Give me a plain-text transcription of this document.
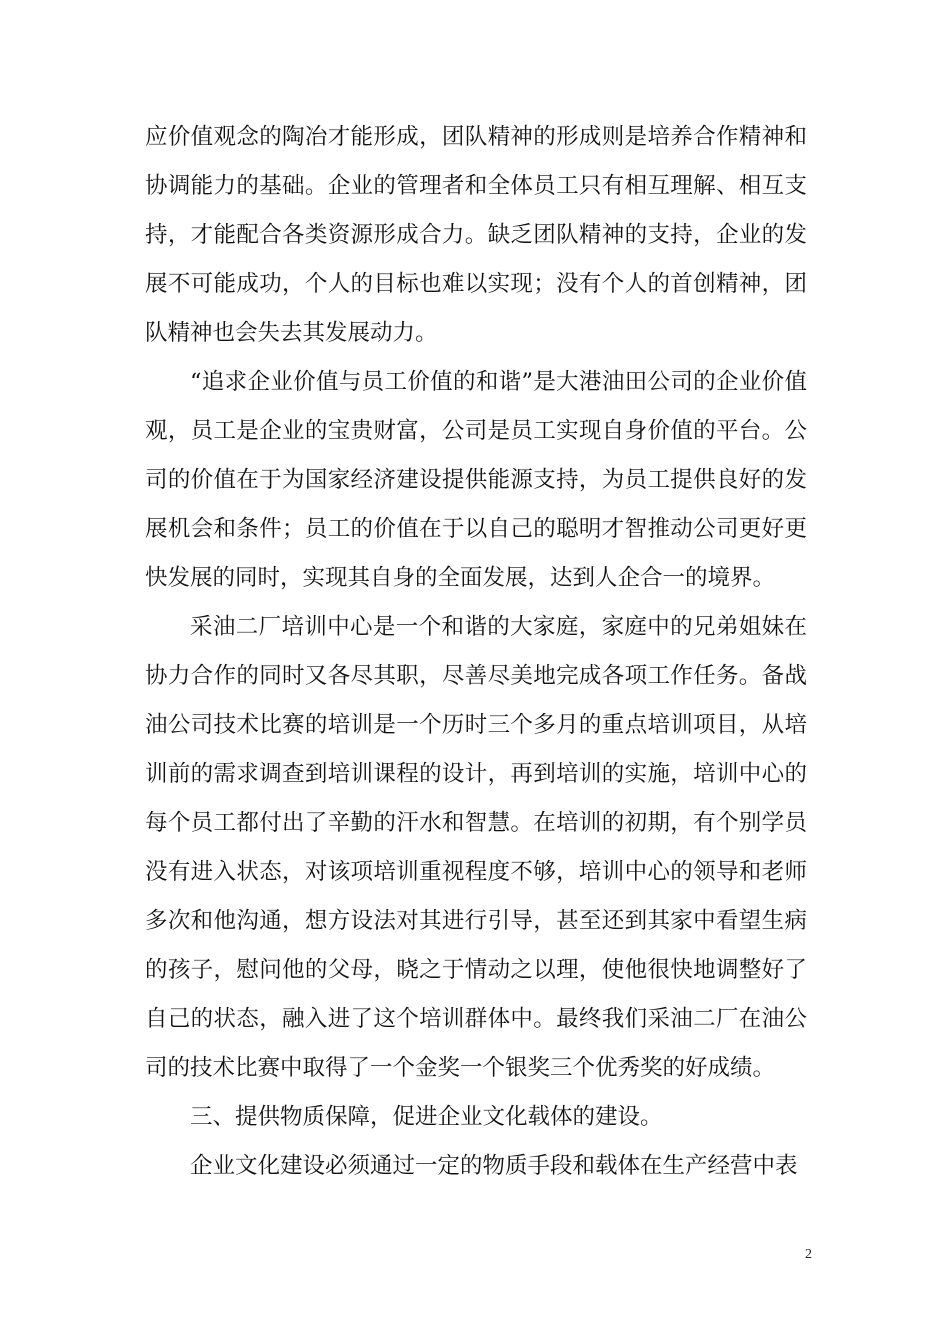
应价值观念的陶冶才能形成，团队精神的形成则是培养合作精神和协调能力的基础。企业的管理者和全体员工只有相互理解、相互支持，才能配合各类资源形成合力。缺乏团队精神的支持，企业的发展不可能成功，个人的目标也难以实现；没有个人的首创精神，团队精神也会失去其发展动力。

“追求企业价值与员工价值的和谐”是大港油田公司的企业价值观，员工是企业的宝贵财富，公司是员工实现自身价值的平台。公司的价值在于为国家经济建设提供能源支持，为员工提供良好的发展机会和条件；员工的价值在于以自己的聪明才智推动公司更好更快发展的同时，实现其自身的全面发展，达到人企合一的境界。

采油二厂培训中心是一个和谐的大家庭，家庭中的兄弟姐妹在协力合作的同时又各尽其职，尽善尽美地完成各项工作任务。备战油公司技术比赛的培训是一个历时三个多月的重点培训项目，从培训前的需求调查到培训课程的设计，再到培训的实施，培训中心的每个员工都付出了辛勤的汗水和智慧。在培训的初期，有个别学员没有进入状态，对该项培训重视程度不够，培训中心的领导和老师多次和他沟通，想方设法对其进行引导，甚至还到其家中看望生病的孩子，慰问他的父母，晓之于情动之以理，使他很快地调整好了自己的状态，融入进了这个培训群体中。最终我们采油二厂在油公司的技术比赛中取得了一个金奖一个银奖三个优秀奖的好成绩。

三、提供物质保障，促进企业文化载体的建设。

企业文化建设必须通过一定的物质手段和载体在生产经营中表

2
